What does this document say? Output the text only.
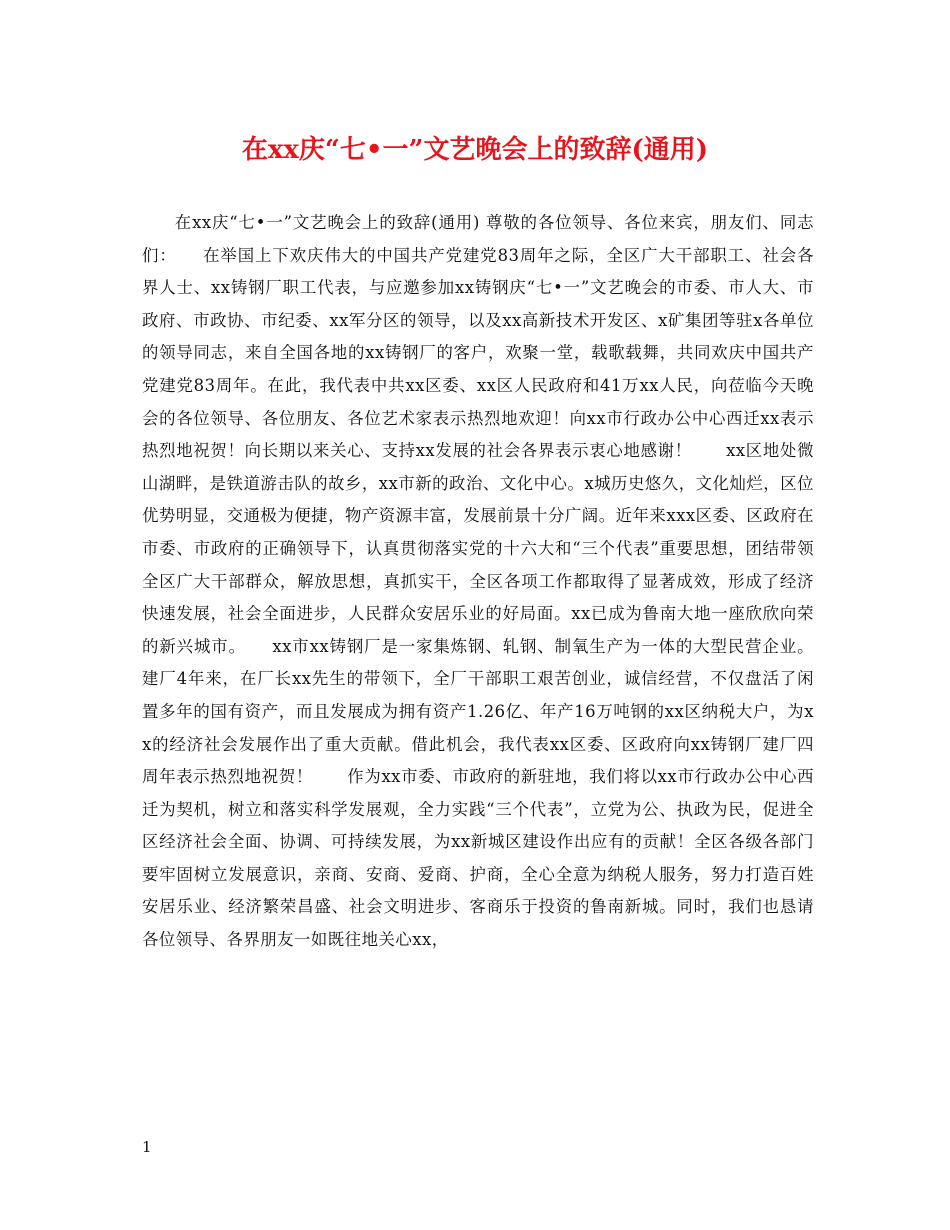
在xx庆“七•一”文艺晚会上的致辞(通用)

在xx庆“七•一”文艺晚会上的致辞(通用) 尊敬的各位领导、各位来宾，朋友们、同志们：　　在举国上下欢庆伟大的中国共产党建党83周年之际，全区广大干部职工、社会各界人士、xx铸钢厂职工代表，与应邀参加xx铸钢庆“七•一”文艺晚会的市委、市人大、市政府、市政协、市纪委、xx军分区的领导，以及xx高新技术开发区、x矿集团等驻x各单位的领导同志，来自全国各地的xx铸钢厂的客户，欢聚一堂，载歌载舞，共同欢庆中国共产党建党83周年。在此，我代表中共xx区委、xx区人民政府和41万xx人民，向莅临今天晚会的各位领导、各位朋友、各位艺术家表示热烈地欢迎！向xx市行政办公中心西迁xx表示热烈地祝贺！向长期以来关心、支持xx发展的社会各界表示衷心地感谢！　　xx区地处微山湖畔，是铁道游击队的故乡，xx市新的政治、文化中心。x城历史悠久，文化灿烂，区位优势明显，交通极为便捷，物产资源丰富，发展前景十分广阔。近年来xxx区委、区政府在市委、市政府的正确领导下，认真贯彻落实党的十六大和“三个代表”重要思想，团结带领全区广大干部群众，解放思想，真抓实干，全区各项工作都取得了显著成效，形成了经济快速发展，社会全面进步，人民群众安居乐业的好局面。xx已成为鲁南大地一座欣欣向荣的新兴城市。　　xx市xx铸钢厂是一家集炼钢、轧钢、制氧生产为一体的大型民营企业。建厂4年来，在厂长xx先生的带领下，全厂干部职工艰苦创业，诚信经营，不仅盘活了闲置多年的国有资产，而且发展成为拥有资产1.26亿、年产16万吨钢的xx区纳税大户，为xx的经济社会发展作出了重大贡献。借此机会，我代表xx区委、区政府向xx铸钢厂建厂四周年表示热烈地祝贺！　　作为xx市委、市政府的新驻地，我们将以xx市行政办公中心西迁为契机，树立和落实科学发展观，全力实践“三个代表”，立党为公、执政为民，促进全区经济社会全面、协调、可持续发展，为xx新城区建设作出应有的贡献！全区各级各部门要牢固树立发展意识，亲商、安商、爱商、护商，全心全意为纳税人服务，努力打造百姓安居乐业、经济繁荣昌盛、社会文明进步、客商乐于投资的鲁南新城。同时，我们也恳请各位领导、各界朋友一如既往地关心xx，

1
